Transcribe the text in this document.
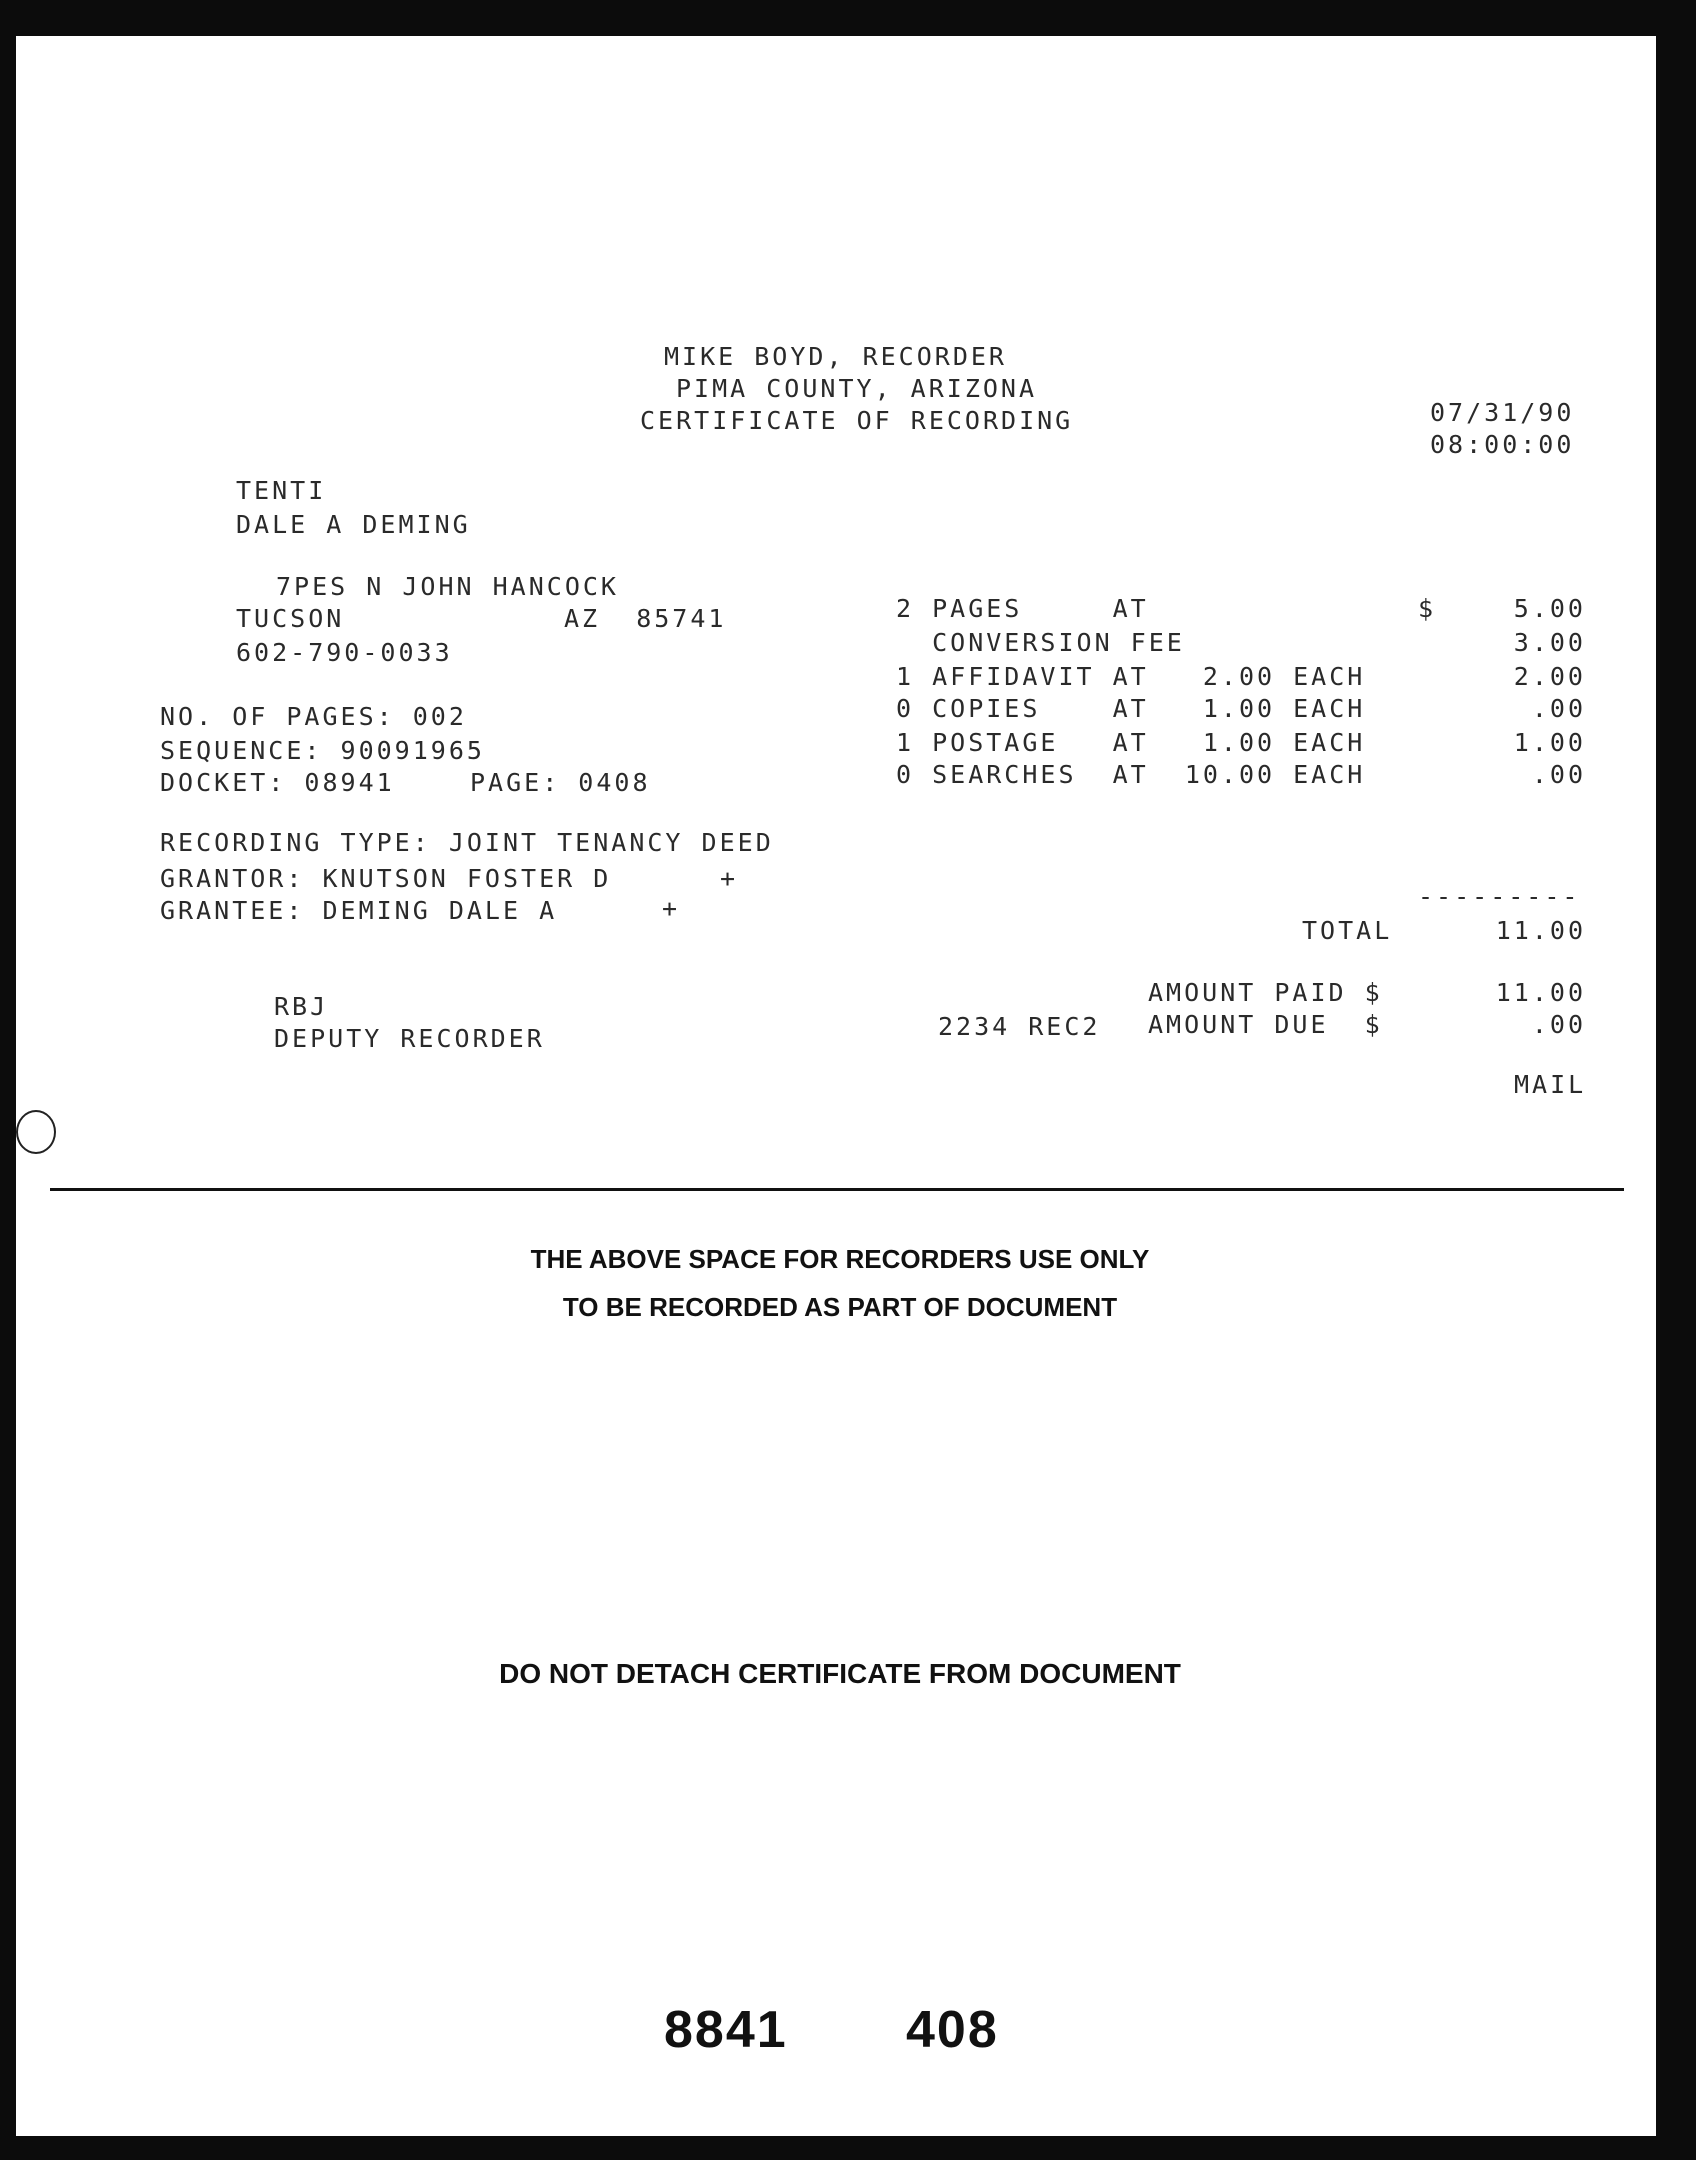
MIKE BOYD, RECORDER
PIMA COUNTY, ARIZONA
CERTIFICATE OF RECORDING	07/31/90
08:00:00
TENTI
DALE A DEMING
7PES N JOHN HANCOCK
TUCSON	AZ  85741
602-790-0033
NO. OF PAGES: 002
SEQUENCE: 90091965
DOCKET: 08941	PAGE: 0408
2 PAGES     AT	$	5.00
CONVERSION FEE	3.00
1 AFFIDAVIT AT   2.00 EACH	2.00
0 COPIES    AT   1.00 EACH	.00
1 POSTAGE   AT   1.00 EACH	1.00
0 SEARCHES  AT  10.00 EACH	.00
RECORDING TYPE: JOINT TENANCY DEED
GRANTOR: KNUTSON FOSTER D	+
GRANTEE: DEMING DALE A	+	---------
TOTAL	11.00
AMOUNT PAID $	11.00
AMOUNT DUE  $	.00
2234 REC2
RBJ
DEPUTY RECORDER
MAIL
THE ABOVE SPACE FOR RECORDERS USE ONLY
TO BE RECORDED AS PART OF DOCUMENT
DO NOT DETACH CERTIFICATE FROM DOCUMENT
8841 408
